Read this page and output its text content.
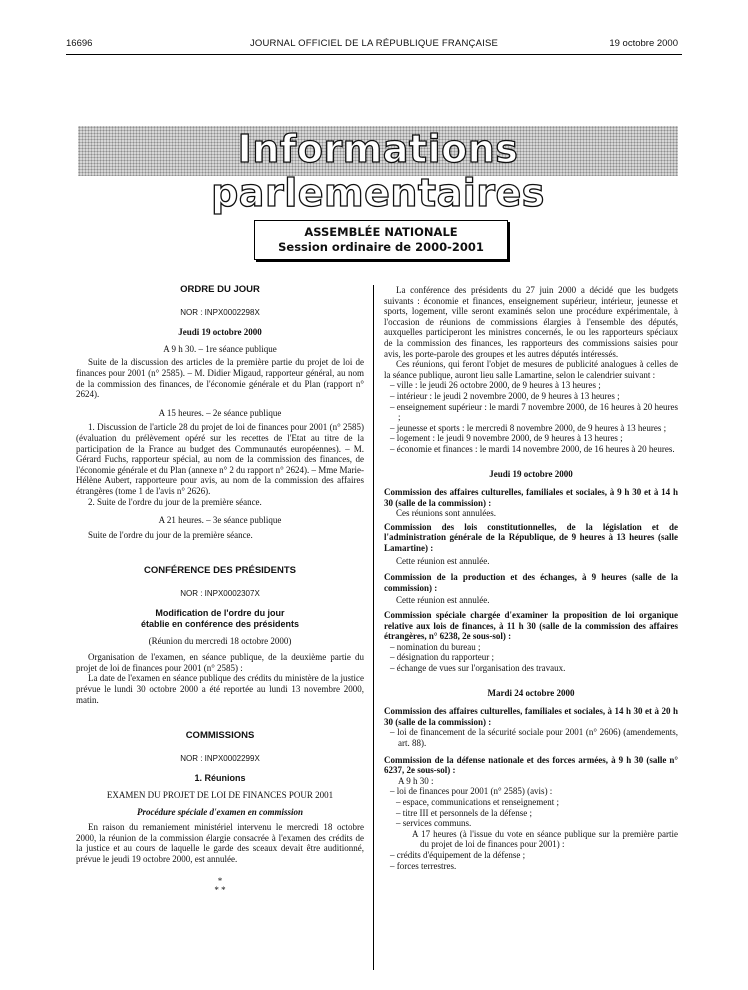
16696	JOURNAL OFFICIEL DE LA RÉPUBLIQUE FRANÇAISE	19 octobre 2000
Informations parlementaires
ASSEMBLÉE NATIONALE
Session ordinaire de 2000-2001
ORDRE DU JOUR
NOR : INPX0002298X
Jeudi 19 octobre 2000
A 9 h 30. – 1re séance publique

Suite de la discussion des articles de la première partie du projet de loi de finances pour 2001 (n° 2585). – M. Didier Migaud, rapporteur général, au nom de la commission des finances, de l'économie générale et du Plan (rapport n° 2624).

A 15 heures. – 2e séance publique

1. Discussion de l'article 28 du projet de loi de finances pour 2001 (n° 2585) (évaluation du prélèvement opéré sur les recettes de l'Etat au titre de la participation de la France au budget des Communautés européennes). – M. Gérard Fuchs, rapporteur spécial, au nom de la commission des finances, de l'économie générale et du Plan (annexe n° 2 du rapport n° 2624). – Mme Marie-Hélène Aubert, rapporteure pour avis, au nom de la commission des affaires étrangères (tome 1 de l'avis n° 2626).

2. Suite de l'ordre du jour de la première séance.

A 21 heures. – 3e séance publique

Suite de l'ordre du jour de la première séance.

CONFÉRENCE DES PRÉSIDENTS
NOR : INPX0002307X
Modification de l'ordre du jour
établie en conférence des présidents
(Réunion du mercredi 18 octobre 2000)

Organisation de l'examen, en séance publique, de la deuxième partie du projet de loi de finances pour 2001 (n° 2585) :

La date de l'examen en séance publique des crédits du ministère de la justice prévue le lundi 30 octobre 2000 a été reportée au lundi 13 novembre 2000, matin.

COMMISSIONS
NOR : INPX0002299X
1. Réunions
EXAMEN DU PROJET DE LOI DE FINANCES POUR 2001
Procédure spéciale d'examen en commission

En raison du remaniement ministériel intervenu le mercredi 18 octobre 2000, la réunion de la commission élargie consacrée à l'examen des crédits de la justice et au cours de laquelle le garde des sceaux devait être auditionné, prévue le jeudi 19 octobre 2000, est annulée.

*
* *

La conférence des présidents du 27 juin 2000 a décidé que les budgets suivants : économie et finances, enseignement supérieur, intérieur, jeunesse et sports, logement, ville seront examinés selon une procédure expérimentale, à l'occasion de réunions de commissions élargies à l'ensemble des députés, auxquelles participeront les ministres concernés, le ou les rapporteurs spéciaux de la commission des finances, les rapporteurs des commissions saisies pour avis, les porte-parole des groupes et les autres députés intéressés.

Ces réunions, qui feront l'objet de mesures de publicité analogues à celles de la séance publique, auront lieu salle Lamartine, selon le calendrier suivant :

– ville : le jeudi 26 octobre 2000, de 9 heures à 13 heures ;

– intérieur : le jeudi 2 novembre 2000, de 9 heures à 13 heures ;

– enseignement supérieur : le mardi 7 novembre 2000, de 16 heures à 20 heures ;

– jeunesse et sports : le mercredi 8 novembre 2000, de 9 heures à 13 heures ;

– logement : le jeudi 9 novembre 2000, de 9 heures à 13 heures ;

– économie et finances : le mardi 14 novembre 2000, de 16 heures à 20 heures.

Jeudi 19 octobre 2000

Commission des affaires culturelles, familiales et sociales, à 9 h 30 et à 14 h 30 (salle de la commission) :

Ces réunions sont annulées.

Commission des lois constitutionnelles, de la législation et de l'administration générale de la République, de 9 heures à 13 heures (salle Lamartine) :

Cette réunion est annulée.

Commission de la production et des échanges, à 9 heures (salle de la commission) :

Cette réunion est annulée.

Commission spéciale chargée d'examiner la proposition de loi organique relative aux lois de finances, à 11 h 30 (salle de la commission des affaires étrangères, n° 6238, 2e sous-sol) :

– nomination du bureau ;

– désignation du rapporteur ;

– échange de vues sur l'organisation des travaux.

Mardi 24 octobre 2000

Commission des affaires culturelles, familiales et sociales, à 14 h 30 et à 20 h 30 (salle de la commission) :

– loi de financement de la sécurité sociale pour 2001 (n° 2606) (amendements, art. 88).

Commission de la défense nationale et des forces armées, à 9 h 30 (salle n° 6237, 2e sous-sol) :

A 9 h 30 :

– loi de finances pour 2001 (n° 2585) (avis) :

– espace, communications et renseignement ;

– titre III et personnels de la défense ;

– services communs.

A 17 heures (à l'issue du vote en séance publique sur la première partie du projet de loi de finances pour 2001) :

– crédits d'équipement de la défense ;

– forces terrestres.
